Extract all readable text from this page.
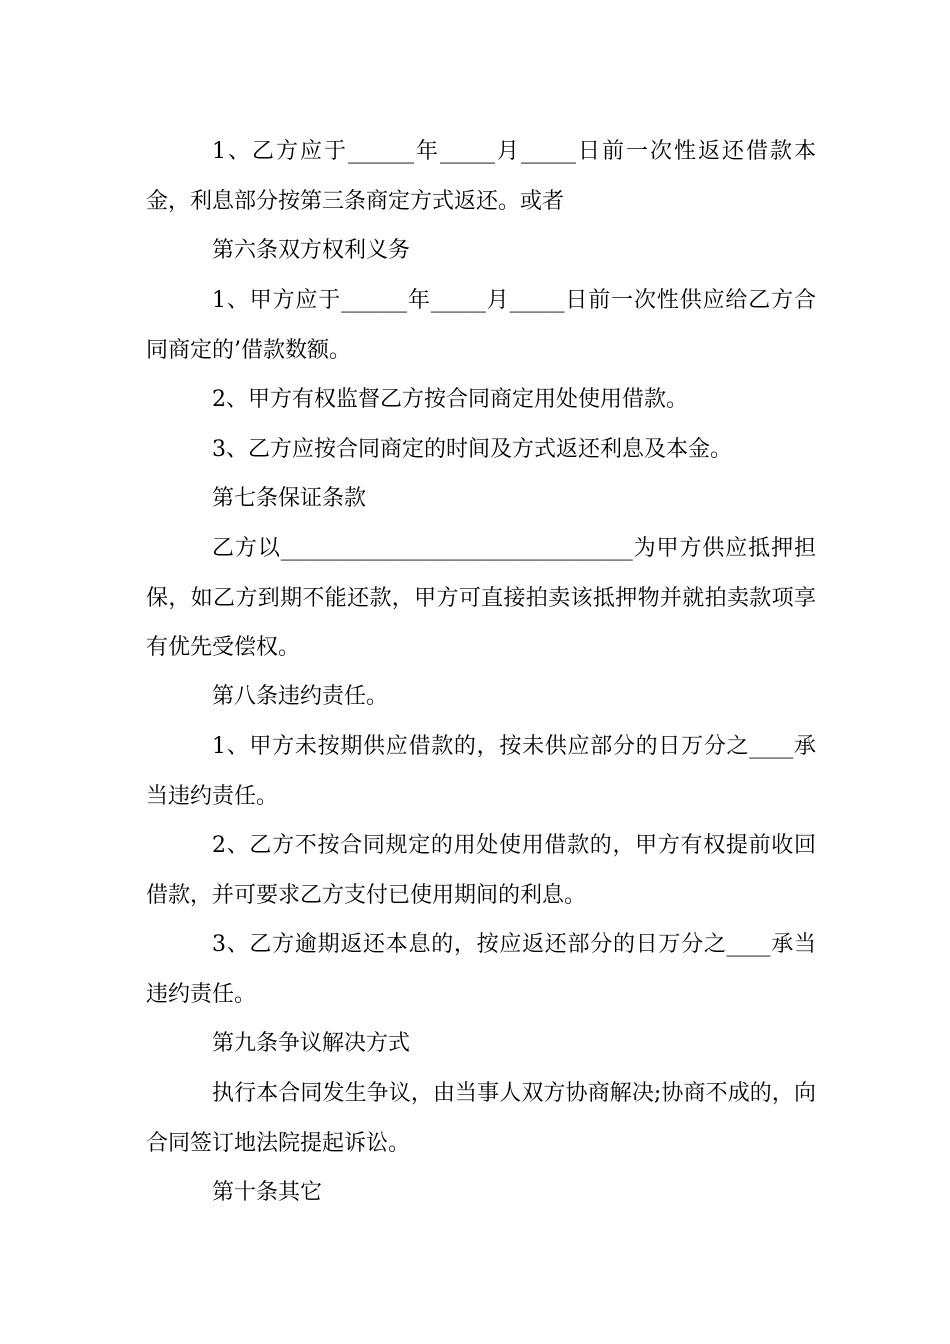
1、乙方应于______年_____月_____日前一次性返还借款本金，利息部分按第三条商定方式返还。或者

第六条双方权利义务

1、甲方应于______年_____月_____日前一次性供应给乙方合同商定的’借款数额。

2、甲方有权监督乙方按合同商定用处使用借款。

3、乙方应按合同商定的时间及方式返还利息及本金。

第七条保证条款

乙方以________________________________为甲方供应抵押担保，如乙方到期不能还款，甲方可直接拍卖该抵押物并就拍卖款项享有优先受偿权。

第八条违约责任。

1、甲方未按期供应借款的，按未供应部分的日万分之____承当违约责任。

2、乙方不按合同规定的用处使用借款的，甲方有权提前收回借款，并可要求乙方支付已使用期间的利息。

3、乙方逾期返还本息的，按应返还部分的日万分之____承当违约责任。

第九条争议解决方式

执行本合同发生争议，由当事人双方协商解决;协商不成的，向合同签订地法院提起诉讼。

第十条其它
